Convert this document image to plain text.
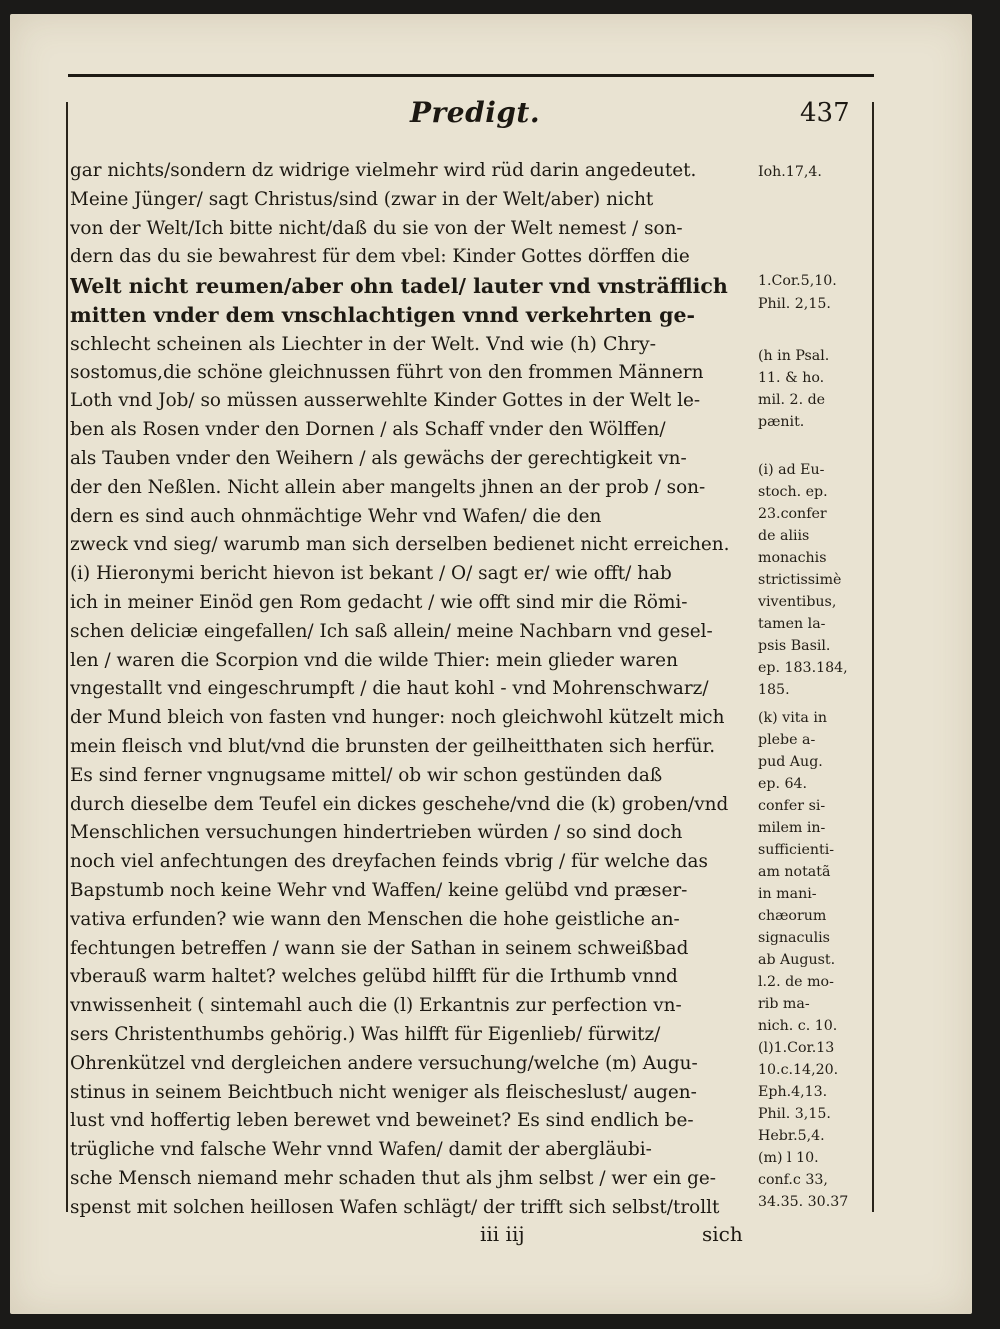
Predigt.	437
gar nichts/sondern dz widrige vielmehr wird rüd darin angedeutet.
Meine Jünger/ sagt Christus/sind (zwar in der Welt/aber) nicht
von der Welt/Ich bitte nicht/daß du sie von der Welt nemest / son-
dern das du sie bewahrest für dem vbel: Kinder Gottes dörffen die
Welt nicht reumen/aber ohn tadel/ lauter vnd vnsträfflich
mitten vnder dem vnschlachtigen vnnd verkehrten ge-
schlecht scheinen als Liechter in der Welt. Vnd wie (h) Chry-
sostomus,die schöne gleichnussen führt von den frommen Männern
Loth vnd Job/ so müssen ausserwehlte Kinder Gottes in der Welt le-
ben als Rosen vnder den Dornen / als Schaff vnder den Wölffen/
als Tauben vnder den Weihern / als gewächs der gerechtigkeit vn-
der den Neßlen. Nicht allein aber mangelts jhnen an der prob / son-
dern es sind auch ohnmächtige Wehr vnd Wafen/ die den
zweck vnd sieg/ warumb man sich derselben bedienet nicht erreichen.
(i) Hieronymi bericht hievon ist bekant / O/ sagt er/ wie offt/ hab
ich in meiner Einöd gen Rom gedacht / wie offt sind mir die Römi-
schen deliciæ eingefallen/ Ich saß allein/ meine Nachbarn vnd gesel-
len / waren die Scorpion vnd die wilde Thier: mein glieder waren
vngestallt vnd eingeschrumpft / die haut kohl - vnd Mohrenschwarz/
der Mund bleich von fasten vnd hunger: noch gleichwohl kützelt mich
mein fleisch vnd blut/vnd die brunsten der geilheitthaten sich herfür.
Es sind ferner vngnugsame mittel/ ob wir schon gestünden daß
durch dieselbe dem Teufel ein dickes geschehe/vnd die (k) groben/vnd
Menschlichen versuchungen hindertrieben würden / so sind doch
noch viel anfechtungen des dreyfachen feinds vbrig / für welche das
Bapstumb noch keine Wehr vnd Waffen/ keine gelübd vnd præser-
vativa erfunden? wie wann den Menschen die hohe geistliche an-
fechtungen betreffen / wann sie der Sathan in seinem schweißbad
vberauß warm haltet? welches gelübd hilfft für die Irthumb vnnd
vnwissenheit ( sintemahl auch die (l) Erkantnis zur perfection vn-
sers Christenthumbs gehörig.) Was hilfft für Eigenlieb/ fürwitz/
Ohrenkützel vnd dergleichen andere versuchung/welche (m) Augu-
stinus in seinem Beichtbuch nicht weniger als fleischeslust/ augen-
lust vnd hoffertig leben berewet vnd beweinet? Es sind endlich be-
trügliche vnd falsche Wehr vnnd Wafen/ damit der abergläubi-
sche Mensch niemand mehr schaden thut als jhm selbst / wer ein ge-
spenst mit solchen heillosen Wafen schlägt/ der trifft sich selbst/trollt
Ioh.17,4.
1.Cor.5,10.
Phil. 2,15.
(h in Psal.
11. & ho.
mil. 2. de
pænit.
(i) ad Eu-
stoch. ep.
23.confer
de aliis
monachis
strictissimè
viventibus,
tamen la-
psis Basil.
ep. 183.184,
185.
(k) vita in
plebe a-
pud Aug.
ep. 64.
confer si-
milem in-
sufficienti-
am notatã
in mani-
chæorum
signaculis
ab August.
l.2. de mo-
rib ma-
nich. c. 10.
(l)1.Cor.13
10.c.14,20.
Eph.4,13.
Phil. 3,15.
Hebr.5,4.
(m) l 10.
conf.c 33,
34.35. 30.37
iii iij	sich
